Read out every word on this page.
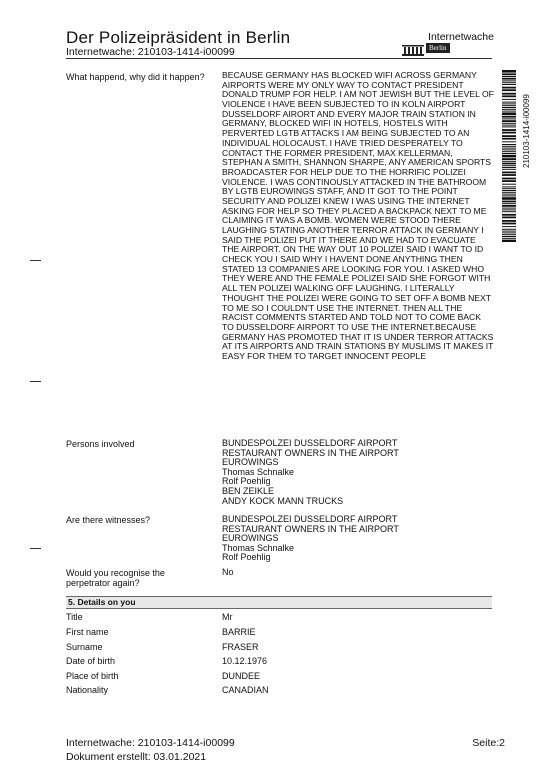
Der Polizeipräsident in Berlin
Internetwache: 210103-1414-i00099
Internetwache
Berlin
210103-1414-i00099
What happend, why did it happen? BECAUSE GERMANY HAS BLOCKED WIFI ACROSS GERMANY AIRPORTS WERE MY ONLY WAY TO CONTACT PRESIDENT DONALD TRUMP FOR HELP. I AM NOT JEWISH BUT THE LEVEL OF VIOLENCE I HAVE BEEN SUBJECTED TO IN KOLN AIRPORT DUSSELDORF AIRORT AND EVERY MAJOR TRAIN STATION IN GERMANY, BLOCKED WIFI IN HOTELS, HOSTELS WITH PERVERTED LGTB ATTACKS I AM BEING SUBJECTED TO AN INDIVIDUAL HOLOCAUST. I HAVE TRIED DESPERATELY TO CONTACT THE FORMER PRESIDENT, MAX KELLERMAN, STEPHAN A SMITH, SHANNON SHARPE, ANY AMERICAN SPORTS BROADCASTER FOR HELP DUE TO THE HORRIFIC POLIZEI VIOLENCE. I WAS CONTINOUSLY ATTACKED IN THE BATHROOM BY LGTB EUROWINGS STAFF, AND IT GOT TO THE POINT SECURITY AND POLIZEI KNEW I WAS USING THE INTERNET ASKING FOR HELP SO THEY PLACED A BACKPACK NEXT TO ME CLAIMING IT WAS A BOMB. WOMEN WERE STOOD THERE LAUGHING STATING ANOTHER TERROR ATTACK IN GERMANY I SAID THE POLIZEI PUT IT THERE AND WE HAD TO EVACUATE THE AIRPORT. ON THE WAY OUT 10 POLIZEI SAID I WANT TO ID CHECK YOU I SAID WHY I HAVENT DONE ANYTHING THEN STATED 13 COMPANIES ARE LOOKING FOR YOU. I ASKED WHO THEY WERE AND THE FEMALE POLIZEI SAID SHE FORGOT WITH ALL TEN POLIZEI WALKING OFF LAUGHING. I LITERALLY THOUGHT THE POLIZEI WERE GOING TO SET OFF A BOMB NEXT TO ME SO I COULDN'T USE THE INTERNET. THEN ALL THE RACIST COMMENTS STARTED AND TOLD NOT TO COME BACK TO DUSSELDORF AIRPORT TO USE THE INTERNET.BECAUSE GERMANY HAS PROMOTED THAT IT IS UNDER TERROR ATTACKS AT ITS AIRPORTS AND TRAIN STATIONS BY MUSLIMS IT MAKES IT EASY FOR THEM TO TARGET INNOCENT PEOPLE
Persons involved	BUNDESPOLZEI DUSSELDORF AIRPORT
RESTAURANT OWNERS IN THE AIRPORT
EUROWINGS
Thomas Schnalke
Rolf Poehlig
BEN ZEIKLE
ANDY KOCK MANN TRUCKS
Are there witnesses?	BUNDESPOLZEI DUSSELDORF AIRPORT
RESTAURANT OWNERS IN THE AIRPORT
EUROWINGS
Thomas Schnalke
Rolf Poehlig
Would you recognise the perpetrator again?
No
5. Details on you
Title	Mr
First name	BARRIE
Surname	FRASER
Date of birth	10.12.1976
Place of birth	DUNDEE
Nationality	CANADIAN
Internetwache: 210103-1414-i00099
Dokument erstellt: 03.01.2021
Seite:2
